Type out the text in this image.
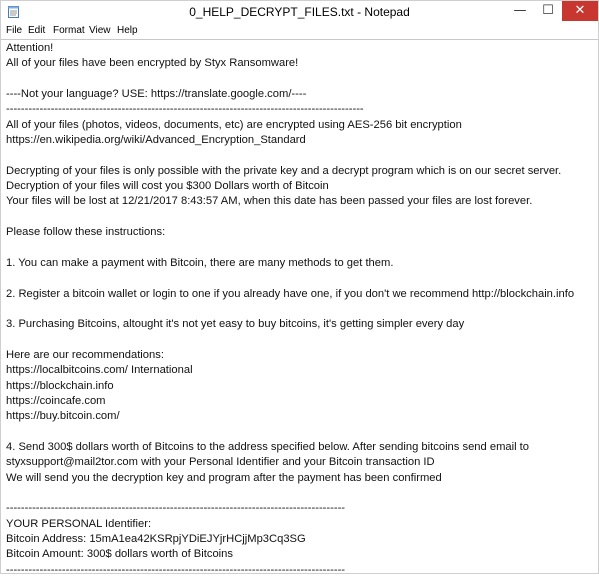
0_HELP_DECRYPT_FILES.txt - Notepad	—	☐	✕
File Edit Format View Help
Attention!
All of your files have been encrypted by Styx Ransomware!
----Not your language? USE: https://translate.google.com/----
------------------------------------------------------------------------------------------------
All of your files (photos, videos, documents, etc) are encrypted using AES-256 bit encryption
https://en.wikipedia.org/wiki/Advanced_Encryption_Standard
Decrypting of your files is only possible with the private key and a decrypt program which is on our secret server.
Decryption of your files will cost you $300 Dollars worth of Bitcoin
Your files will be lost at 12/21/2017 8:43:57 AM, when this date has been passed your files are lost forever.
Please follow these instructions:
1. You can make a payment with Bitcoin, there are many methods to get them.
2. Register a bitcoin wallet or login to one if you already have one, if you don't we recommend http://blockchain.info
3. Purchasing Bitcoins, altought it's not yet easy to buy bitcoins, it's getting simpler every day
Here are our recommendations:
https://localbitcoins.com/ International
https://blockchain.info
https://coincafe.com
https://buy.bitcoin.com/
4. Send 300$ dollars worth of Bitcoins to the address specified below. After sending bitcoins send email to
styxsupport@mail2tor.com with your Personal Identifier and your Bitcoin transaction ID
We will send you the decryption key and program after the payment has been confirmed
-------------------------------------------------------------------------------------------
YOUR PERSONAL Identifier:
Bitcoin Address: 15mA1ea42KSRpjYDiEJYjrHCjjMp3Cq3SG
Bitcoin Amount: 300$ dollars worth of Bitcoins
-------------------------------------------------------------------------------------------
